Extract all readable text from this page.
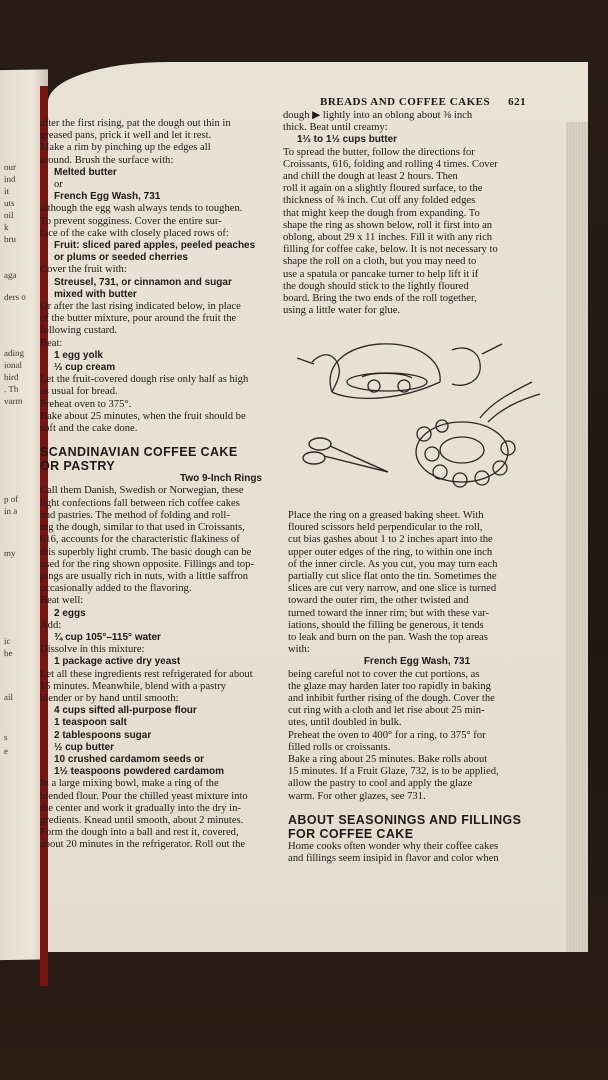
our
ind
it
uts
oil
k
bru
aga
ders o
ading
ional
bird
. Th
varm
p of
in a
my
ic
be
ail
s
e
BREADS AND COFFEE CAKES 621

after the first rising, pat the dough out thin in

greased pans, prick it well and let it rest.

Make a rim by pinching up the edges all

around. Brush the surface with:

Melted butter

or

French Egg Wash, 731

although the egg wash always tends to toughen.

To prevent sogginess. Cover the entire sur-

face of the cake with closely placed rows of:

Fruit: sliced pared apples, peeled peaches

or plums or seeded cherries

Cover the fruit with:

Streusel, 731, or cinnamon and sugar

mixed with butter

Or after the last rising indicated below, in place

of the butter mixture, pour around the fruit the

following custard.

Beat:

1 egg yolk

⅓ cup cream

Let the fruit-covered dough rise only half as high

as usual for bread.

Preheat oven to 375°.

Bake about 25 minutes, when the fruit should be

soft and the cake done.

SCANDINAVIAN COFFEE CAKE

OR PASTRY

Two 9-Inch Rings

Call them Danish, Swedish or Norwegian, these

light confections fall between rich coffee cakes

and pastries. The method of folding and roll-

ing the dough, similar to that used in Croissants,

616, accounts for the characteristic flakiness of

this superbly light crumb. The basic dough can be

used for the ring shown opposite. Fillings and top-

pings are usually rich in nuts, with a little saffron

occasionally added to the flavoring.

Beat well:

2 eggs

Add:

¾ cup 105°–115° water

Dissolve in this mixture:

1 package active dry yeast

Let all these ingredients rest refrigerated for about

15 minutes. Meanwhile, blend with a pastry

blender or by hand until smooth:

4 cups sifted all-purpose flour

1 teaspoon salt

2 tablespoons sugar

½ cup butter

10 crushed cardamom seeds or

1½ teaspoons powdered cardamom

In a large mixing bowl, make a ring of the

blended flour. Pour the chilled yeast mixture into

the center and work it gradually into the dry in-

gredients. Knead until smooth, about 2 minutes.

Form the dough into a ball and rest it, covered,

about 20 minutes in the refrigerator. Roll out the

dough ▶ lightly into an oblong about ⅜ inch

thick. Beat until creamy:

1⅓ to 1½ cups butter

To spread the butter, follow the directions for

Croissants, 616, folding and rolling 4 times. Cover

and chill the dough at least 2 hours. Then

roll it again on a slightly floured surface, to the

thickness of ⅜ inch. Cut off any folded edges

that might keep the dough from expanding. To

shape the ring as shown below, roll it first into an

oblong, about 29 x 11 inches. Fill it with any rich

filling for coffee cake, below. It is not necessary to

shape the roll on a cloth, but you may need to

use a spatula or pancake turner to help lift it if

the dough should stick to the lightly floured

board. Bring the two ends of the roll together,

using a little water for glue.

Place the ring on a greased baking sheet. With

floured scissors held perpendicular to the roll,

cut bias gashes about 1 to 2 inches apart into the

upper outer edges of the ring, to within one inch

of the inner circle. As you cut, you may turn each

partially cut slice flat onto the tin. Sometimes the

slices are cut very narrow, and one slice is turned

toward the outer rim, the other twisted and

turned toward the inner rim; but with these var-

iations, should the filling be generous, it tends

to leak and burn on the pan. Wash the top areas

with:

French Egg Wash, 731

being careful not to cover the cut portions, as

the glaze may harden later too rapidly in baking

and inhibit further rising of the dough. Cover the

cut ring with a cloth and let rise about 25 min-

utes, until doubled in bulk.

Preheat the oven to 400° for a ring, to 375° for

filled rolls or croissants.

Bake a ring about 25 minutes. Bake rolls about

15 minutes. If a Fruit Glaze, 732, is to be applied,

allow the pastry to cool and apply the glaze

warm. For other glazes, see 731.

ABOUT SEASONINGS AND FILLINGS

FOR COFFEE CAKE

Home cooks often wonder why their coffee cakes

and fillings seem insipid in flavor and color when
